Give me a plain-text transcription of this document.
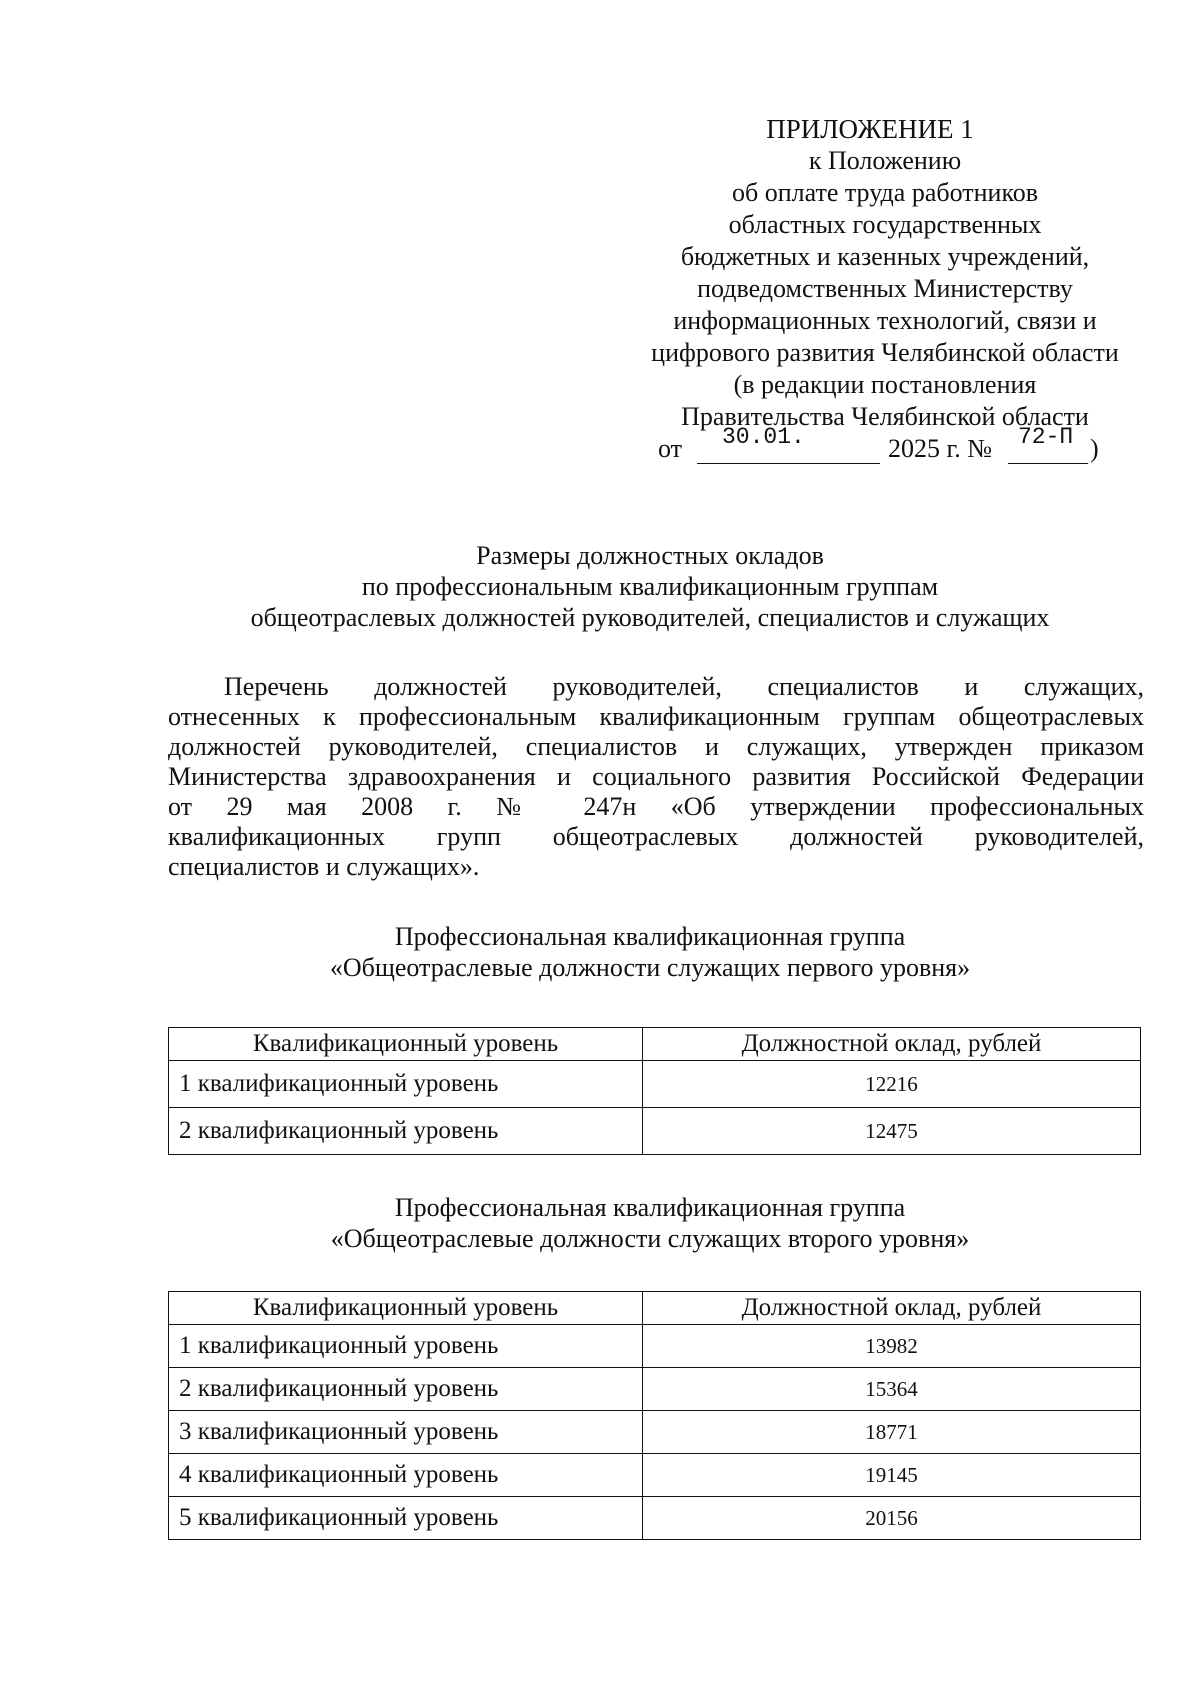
ПРИЛОЖЕНИЕ 1
к Положению
об оплате труда работников
областных государственных
бюджетных и казенных учреждений,
подведомственных Министерству
информационных технологий, связи и
цифрового развития Челябинской области
(в редакции постановления
Правительства Челябинской области
от 30.01.	2025 г. № 72-П )
Размеры должностных окладов
по профессиональным квалификационным группам
общеотраслевых должностей руководителей, специалистов и служащих
Перечень должностей руководителей, специалистов и служащих,
отнесенных к профессиональным квалификационным группам общеотраслевых
должностей руководителей, специалистов и служащих, утвержден приказом
Министерства здравоохранения и социального развития Российской Федерации
от 29 мая 2008 г. № 247н «Об утверждении профессиональных
квалификационных групп общеотраслевых должностей руководителей,
специалистов и служащих».
Профессиональная квалификационная группа
«Общеотраслевые должности служащих первого уровня»
Квалификационный уровень	Должностной оклад, рублей
1 квалификационный уровень	12216
2 квалификационный уровень	12475
Профессиональная квалификационная группа
«Общеотраслевые должности служащих второго уровня»
Квалификационный уровень	Должностной оклад, рублей
1 квалификационный уровень	13982
2 квалификационный уровень	15364
3 квалификационный уровень	18771
4 квалификационный уровень	19145
5 квалификационный уровень	20156
